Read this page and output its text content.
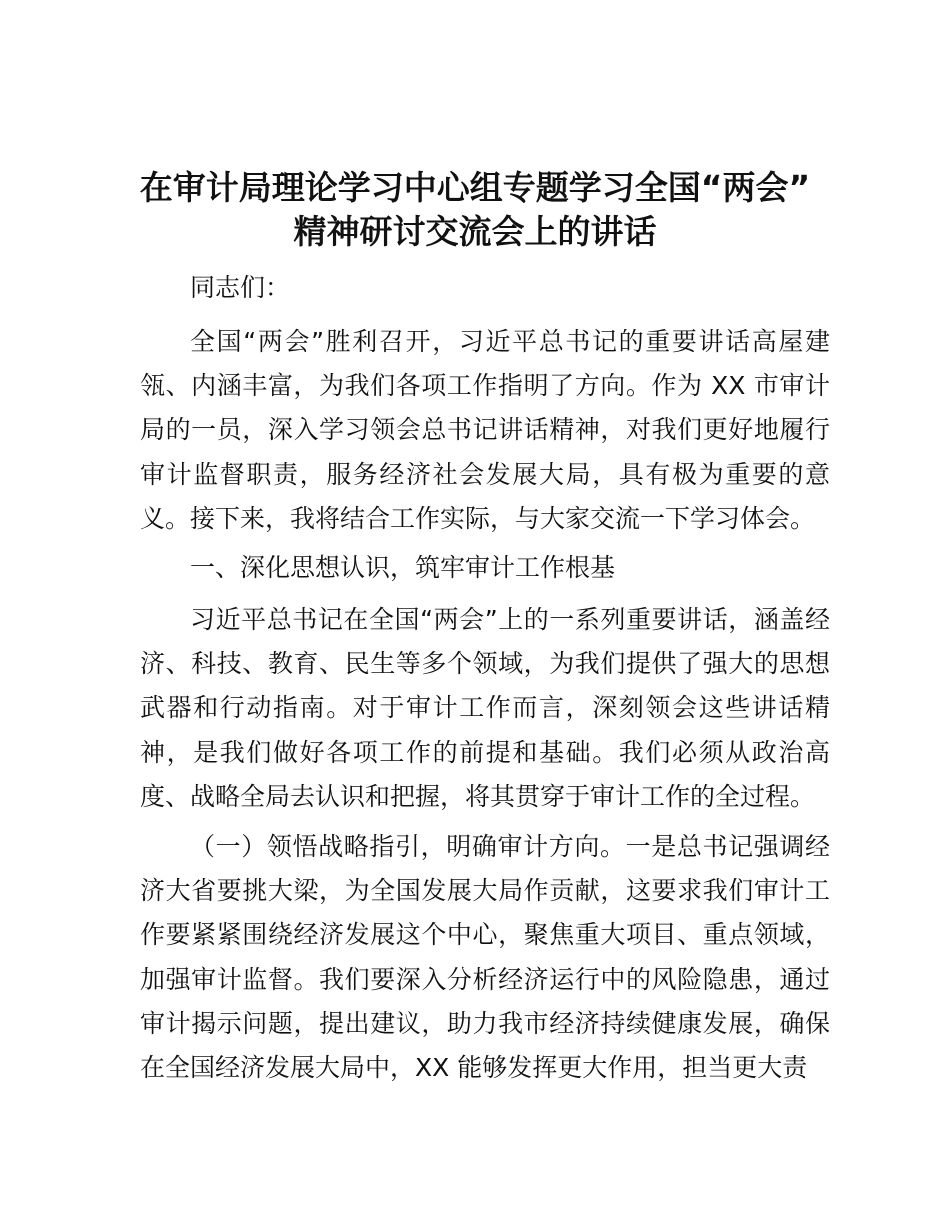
在审计局理论学习中心组专题学习全国“两会”
精神研讨交流会上的讲话

同志们：

全国“两会”胜利召开，习近平总书记的重要讲话高屋建瓴、内涵丰富，为我们各项工作指明了方向。作为 XX 市审计局的一员，深入学习领会总书记讲话精神，对我们更好地履行审计监督职责，服务经济社会发展大局，具有极为重要的意义。接下来，我将结合工作实际，与大家交流一下学习体会。

一、深化思想认识，筑牢审计工作根基

习近平总书记在全国“两会”上的一系列重要讲话，涵盖经济、科技、教育、民生等多个领域，为我们提供了强大的思想武器和行动指南。对于审计工作而言，深刻领会这些讲话精神，是我们做好各项工作的前提和基础。我们必须从政治高度、战略全局去认识和把握，将其贯穿于审计工作的全过程。

（一）领悟战略指引，明确审计方向。一是总书记强调经济大省要挑大梁，为全国发展大局作贡献，这要求我们审计工作要紧紧围绕经济发展这个中心，聚焦重大项目、重点领域，加强审计监督。我们要深入分析经济运行中的风险隐患，通过审计揭示问题，提出建议，助力我市经济持续健康发展，确保在全国经济发展大局中，XX 能够发挥更大作用，担当更大责
